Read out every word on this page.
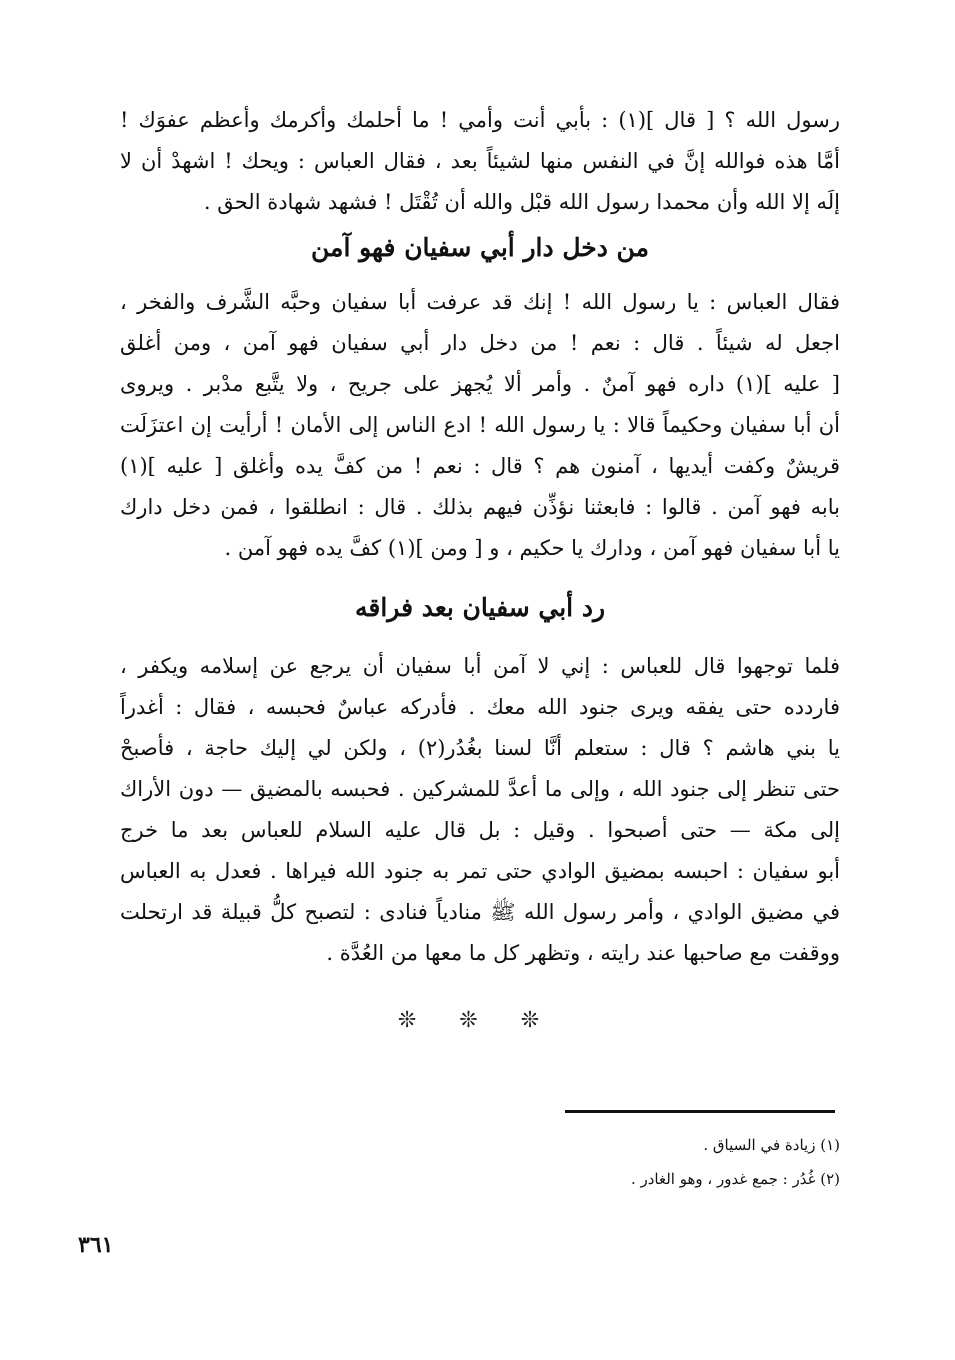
رسول الله ؟ [ قال ](١) : بأبي أنت وأمي ! ما أحلمك وأكرمك وأعظم عفوَك !
أمَّا هذه فوالله إنَّ في النفس منها لشيئاً بعد ، فقال العباس : ويحك ! اشهدْ أن لا
إلَه إلا الله وأن محمدا رسول الله قبْل والله أن تُقْتَل ! فشهد شهادة الحق .
من دخل دار أبي سفيان فهو آمن
فقال العباس : يا رسول الله ! إنك قد عرفت أبا سفيان وحبَّه الشَّرف والفخر ،
اجعل له شيئاً . قال : نعم ! من دخل دار أبي سفيان فهو آمن ، ومن أغلق
[ عليه ](١) داره فهو آمنٌ . وأمر ألا يُجهز على جريح ، ولا يتَّبع مدْبر . ويروى
أن أبا سفيان وحكيماً قالا : يا رسول الله ! ادع الناس إلى الأمان ! أرأيت إن اعتزَلَت
قريشٌ وكفت أيديها ، آمنون هم ؟ قال : نعم ! من كفَّ يده وأغلق [ عليه ](١)
بابه فهو آمن . قالوا : فابعثنا نؤذِّن فيهم بذلك . قال : انطلقوا ، فمن دخل دارك
يا أبا سفيان فهو آمن ، ودارك يا حكيم ، و [ ومن ](١) كفَّ يده فهو آمن .
رد أبي سفيان بعد فراقه
فلما توجهوا قال للعباس : إني لا آمن أبا سفيان أن يرجع عن إسلامه ويكفر ،
فاردده حتى يفقه ويرى جنود الله معك . فأدركه عباسٌ فحبسه ، فقال : أغدراً
يا بني هاشم ؟ قال : ستعلم أنَّا لسنا بغُدُر(٢) ، ولكن لي إليك حاجة ، فأصبحْ
حتى تنظر إلى جنود الله ، وإلى ما أعدَّ للمشركين . فحبسه بالمضيق — دون الأراك
إلى مكة — حتى أصبحوا . وقيل : بل قال عليه السلام للعباس بعد ما خرج
أبو سفيان : احبسه بمضيق الوادي حتى تمر به جنود الله فيراها . فعدل به العباس
في مضيق الوادي ، وأمر رسول الله ﷺ منادياً فنادى : لتصبح كلُّ قبيلة قد ارتحلت
ووقفت مع صاحبها عند رايته ، وتظهر كل ما معها من العُدَّة .
❊ ❊ ❊
(١) زيادة في السياق .
(٢) غُدُر : جمع غدور ، وهو الغادر .
٣٦١
